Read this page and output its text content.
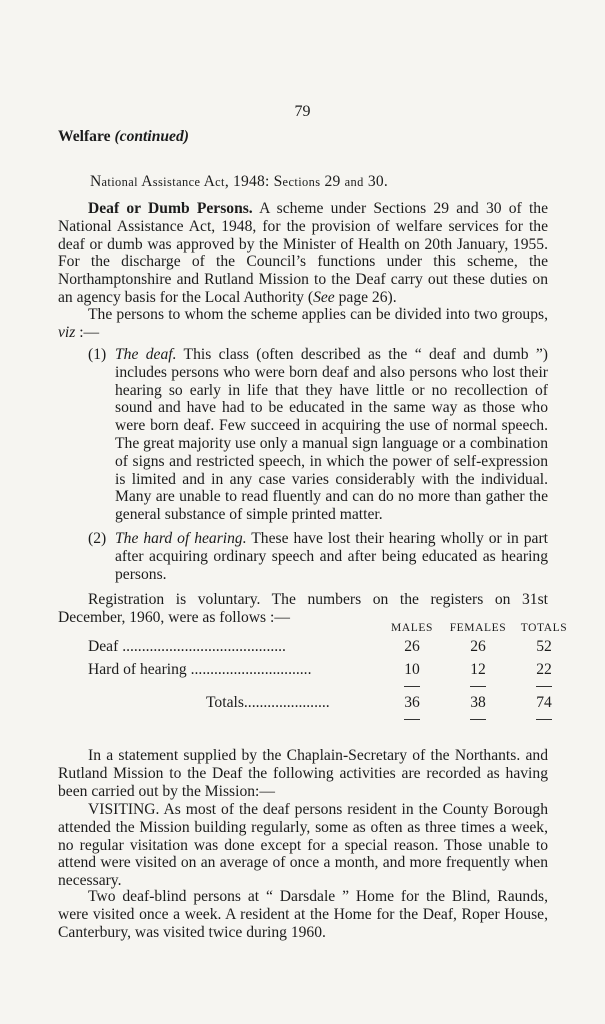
79
Welfare (continued)
National Assistance Act, 1948: Sections 29 and 30.
Deaf or Dumb Persons. A scheme under Sections 29 and 30 of the National Assistance Act, 1948, for the provision of welfare services for the deaf or dumb was approved by the Minister of Health on 20th January, 1955. For the discharge of the Council’s functions under this scheme, the Northamptonshire and Rutland Mission to the Deaf carry out these duties on an agency basis for the Local Authority (See page 26).
The persons to whom the scheme applies can be divided into two groups, viz :—
(1) The deaf. This class (often described as the “ deaf and dumb ”) includes persons who were born deaf and also persons who lost their hearing so early in life that they have little or no recollection of sound and have had to be educated in the same way as those who were born deaf. Few succeed in acquiring the use of normal speech. The great majority use only a manual sign language or a combination of signs and restricted speech, in which the power of self-expression is limited and in any case varies considerably with the individual. Many are unable to read fluently and can do no more than gather the general substance of simple printed matter.
(2) The hard of hearing. These have lost their hearing wholly or in part after acquiring ordinary speech and after being educated as hearing persons.
Registration is voluntary. The numbers on the registers on 31st December, 1960, were as follows :—
MALES	FEMALES	TOTALS
Deaf ..........................................	26	26	52
Hard of hearing ...............................	10	12	22
Totals......................	36	38	74
In a statement supplied by the Chaplain-Secretary of the Northants. and Rutland Mission to the Deaf the following activities are recorded as having been carried out by the Mission:—
VISITING. As most of the deaf persons resident in the County Borough attended the Mission building regularly, some as often as three times a week, no regular visitation was done except for a special reason. Those unable to attend were visited on an average of once a month, and more frequently when necessary.
Two deaf-blind persons at “ Darsdale ” Home for the Blind, Raunds, were visited once a week. A resident at the Home for the Deaf, Roper House, Canterbury, was visited twice during 1960.
